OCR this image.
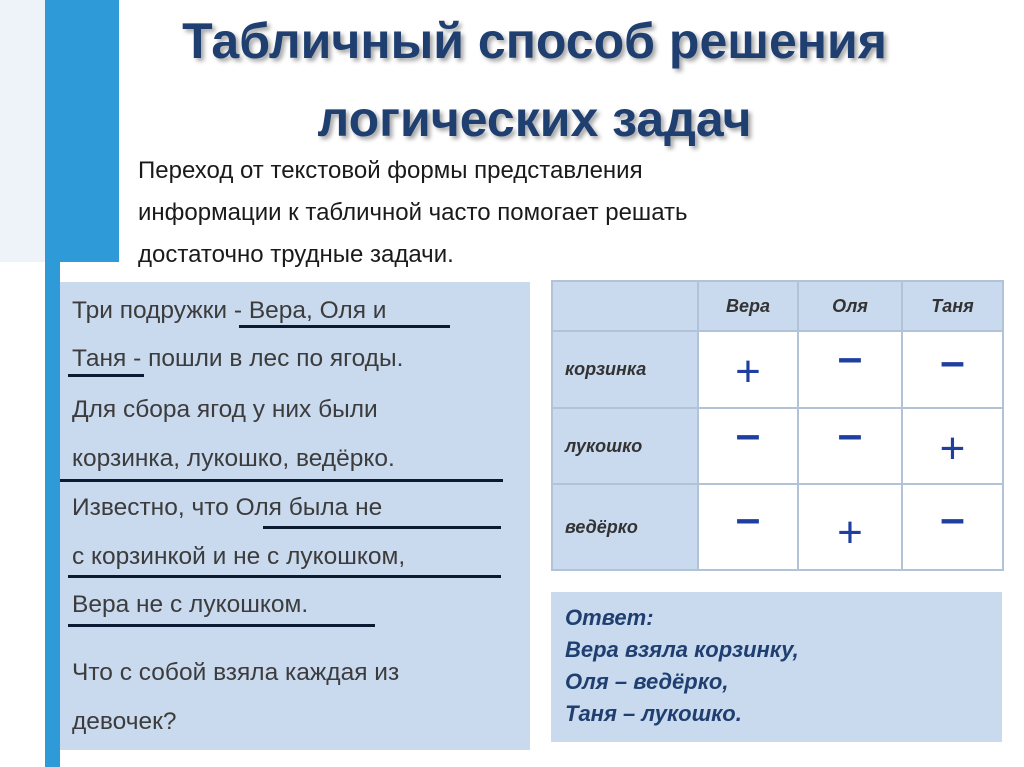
Табличный способ решения
логических задач
Переход от текстовой формы представления
информации к табличной часто помогает решать
достаточно трудные задачи.
Три подружки - Вера, Оля и
Таня - пошли в лес по ягоды.
Для сбора ягод у них были
корзинка, лукошко, ведёрко.
Известно, что Оля была не
с корзинкой и не с лукошком,
Вера не с лукошком.
Что с собой взяла каждая из
девочек?
	Вера	Оля	Таня
корзинка	+	–	–

лукошко	–	–	+

ведёрко	–	+	–
Ответ:
Вера взяла корзинку,
Оля – ведёрко,
Таня – лукошко.
